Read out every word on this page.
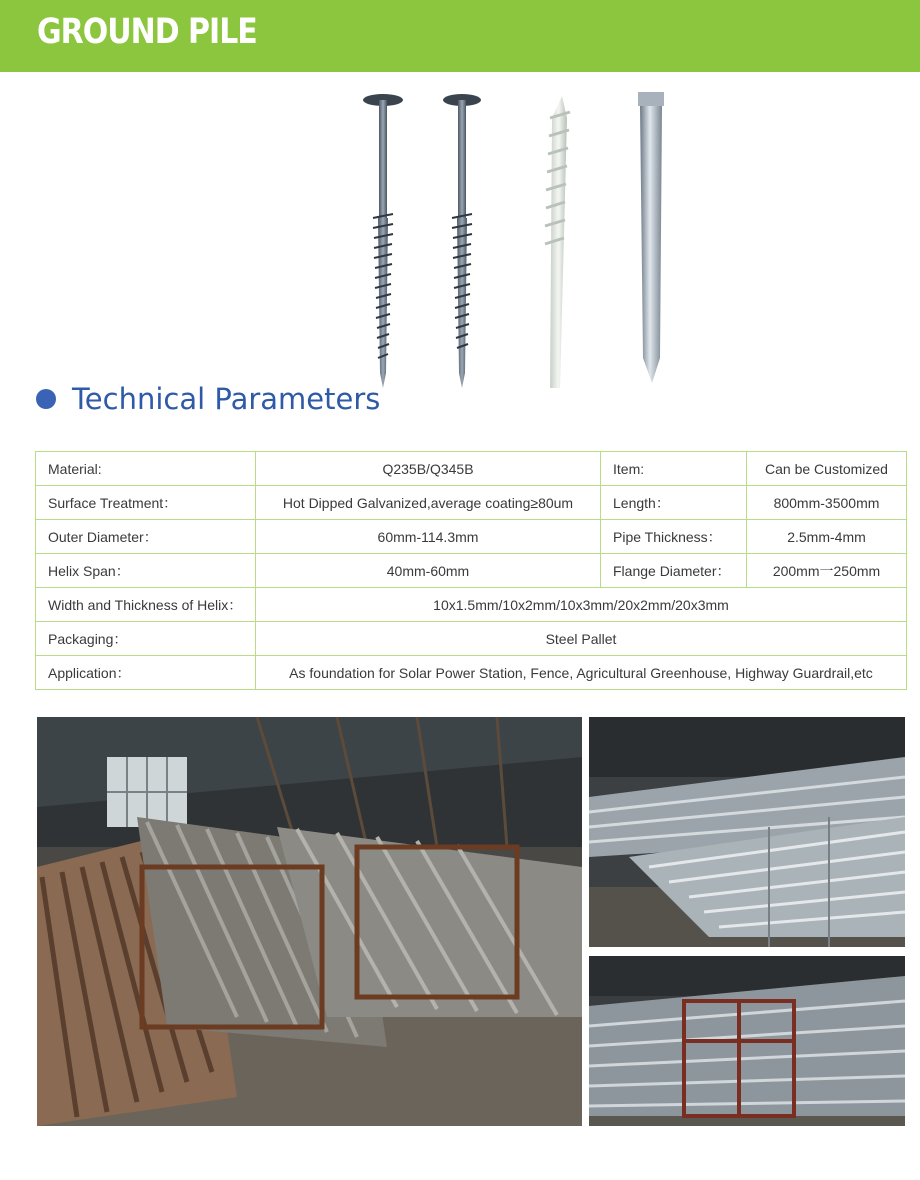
GROUND PILE
Technical Parameters
Material:	Q235B/Q345B	Item:	Can be Customized
Surface Treatment：	Hot Dipped Galvanized,average coating≥80um	Length：	800mm-3500mm
Outer Diameter：	60mm-114.3mm	Pipe Thickness：	2.5mm-4mm
Helix Span：	40mm-60mm	Flange Diameter：	200mm一250mm
Width and Thickness of Helix：	10x1.5mm/10x2mm/10x3mm/20x2mm/20x3mm		
Packaging：	Steel Pallet		
Application：	As foundation for Solar Power Station, Fence, Agricultural Greenhouse, Highway Guardrail,etc		
